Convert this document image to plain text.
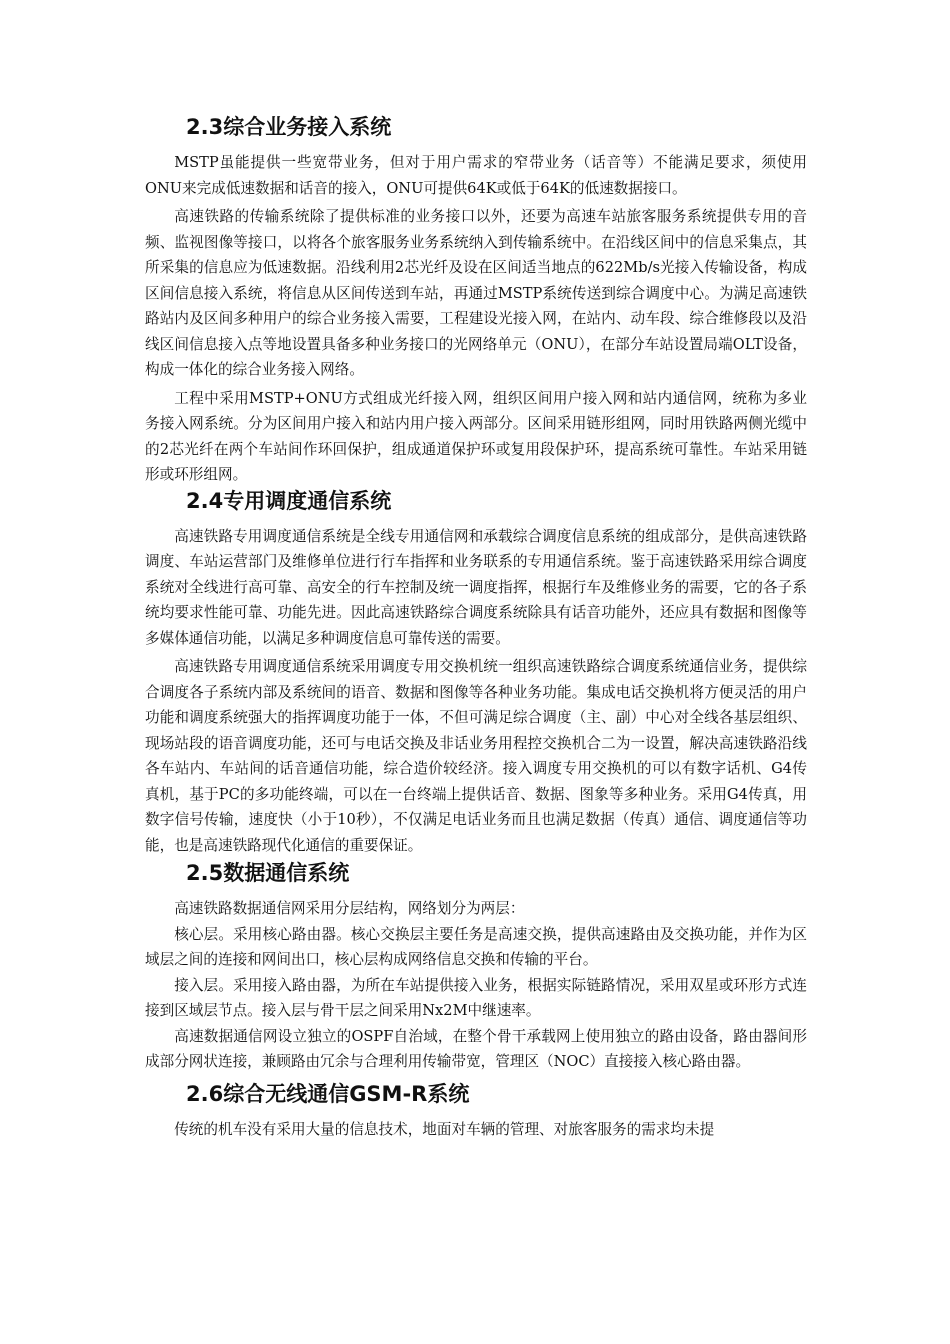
2.3综合业务接入系统

MSTP虽能提供一些宽带业务，但对于用户需求的窄带业务（话音等）不能满足要求，须使用ONU来完成低速数据和话音的接入，ONU可提供64K或低于64K的低速数据接口。

高速铁路的传输系统除了提供标准的业务接口以外，还要为高速车站旅客服务系统提供专用的音频、监视图像等接口，以将各个旅客服务业务系统纳入到传输系统中。在沿线区间中的信息采集点，其所采集的信息应为低速数据。沿线利用2芯光纤及设在区间适当地点的622Mb/s光接入传输设备，构成区间信息接入系统，将信息从区间传送到车站，再通过MSTP系统传送到综合调度中心。为满足高速铁路站内及区间多种用户的综合业务接入需要，工程建设光接入网，在站内、动车段、综合维修段以及沿线区间信息接入点等地设置具备多种业务接口的光网络单元（ONU），在部分车站设置局端OLT设备，构成一体化的综合业务接入网络。

工程中采用MSTP+ONU方式组成光纤接入网，组织区间用户接入网和站内通信网，统称为多业务接入网系统。分为区间用户接入和站内用户接入两部分。区间采用链形组网，同时用铁路两侧光缆中的2芯光纤在两个车站间作环回保护，组成通道保护环或复用段保护环，提高系统可靠性。车站采用链形或环形组网。

2.4专用调度通信系统

高速铁路专用调度通信系统是全线专用通信网和承载综合调度信息系统的组成部分，是供高速铁路调度、车站运营部门及维修单位进行行车指挥和业务联系的专用通信系统。鉴于高速铁路采用综合调度系统对全线进行高可靠、高安全的行车控制及统一调度指挥，根据行车及维修业务的需要，它的各子系统均要求性能可靠、功能先进。因此高速铁路综合调度系统除具有话音功能外，还应具有数据和图像等多媒体通信功能，以满足多种调度信息可靠传送的需要。

高速铁路专用调度通信系统采用调度专用交换机统一组织高速铁路综合调度系统通信业务，提供综合调度各子系统内部及系统间的语音、数据和图像等各种业务功能。集成电话交换机将方便灵活的用户功能和调度系统强大的指挥调度功能于一体，不但可满足综合调度（主、副）中心对全线各基层组织、现场站段的语音调度功能，还可与电话交换及非话业务用程控交换机合二为一设置，解决高速铁路沿线各车站内、车站间的话音通信功能，综合造价较经济。接入调度专用交换机的可以有数字话机、G4传真机，基于PC的多功能终端，可以在一台终端上提供话音、数据、图象等多种业务。采用G4传真，用数字信号传输，速度快（小于10秒），不仅满足电话业务而且也满足数据（传真）通信、调度通信等功能，也是高速铁路现代化通信的重要保证。

2.5数据通信系统

高速铁路数据通信网采用分层结构，网络划分为两层：

核心层。采用核心路由器。核心交换层主要任务是高速交换，提供高速路由及交换功能，并作为区域层之间的连接和网间出口，核心层构成网络信息交换和传输的平台。

接入层。采用接入路由器，为所在车站提供接入业务，根据实际链路情况，采用双星或环形方式连接到区域层节点。接入层与骨干层之间采用Nx2M中继速率。

高速数据通信网设立独立的OSPF自治域，在整个骨干承载网上使用独立的路由设备，路由器间形成部分网状连接，兼顾路由冗余与合理利用传输带宽，管理区（NOC）直接接入核心路由器。

2.6综合无线通信GSM-R系统

传统的机车没有采用大量的信息技术，地面对车辆的管理、对旅客服务的需求均未提
